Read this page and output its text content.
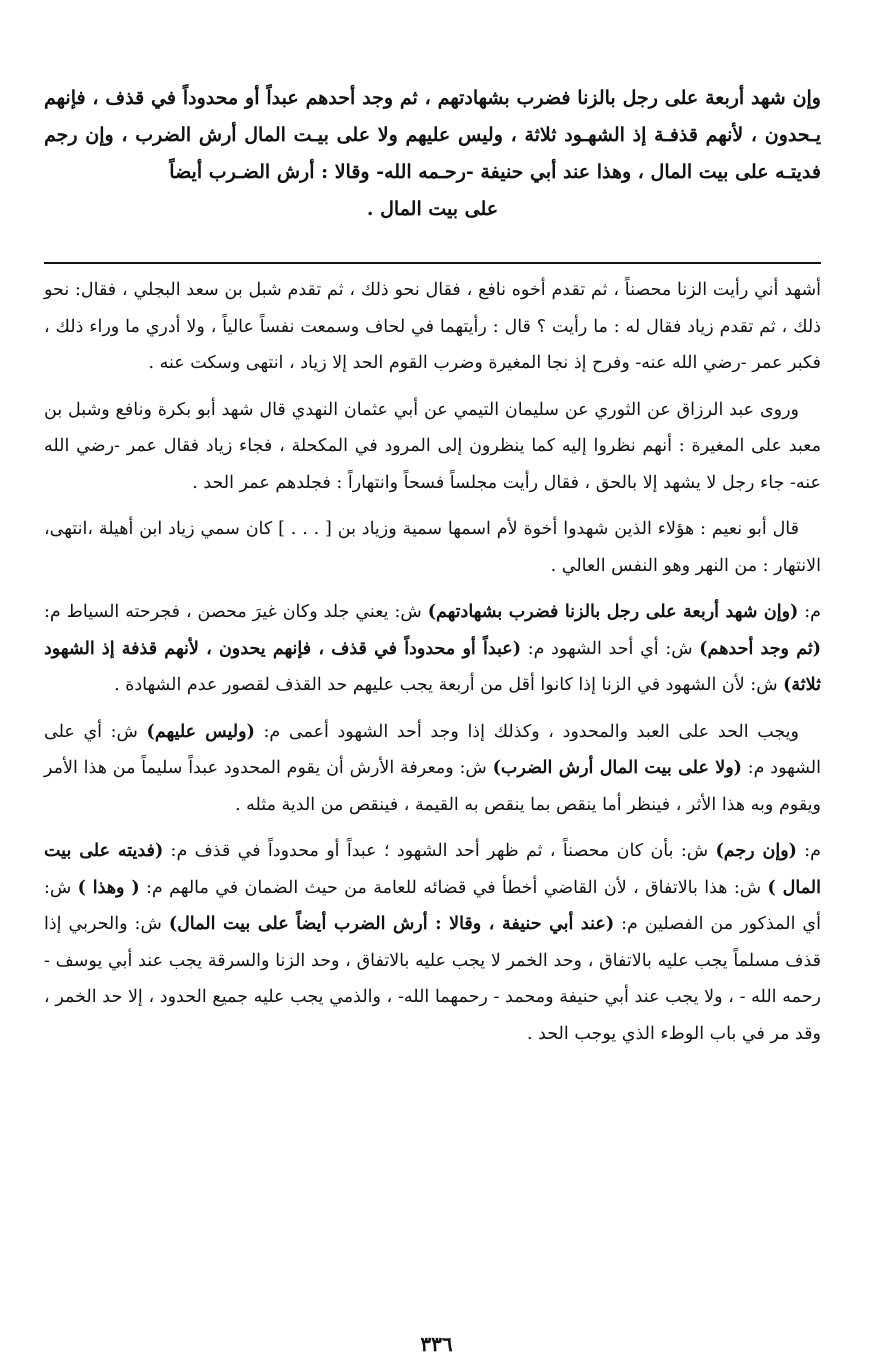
وإن شهد أربعة على رجل بالزنا فضرب بشهادتهم ، ثم وجد أحدهم عبداً أو محدوداً في قذف ، فإنهم يـحدون ، لأنهم قذفـة إذ الشهـود ثلاثة ، وليس عليهم ولا على بيـت المال أرش الضرب ، وإن رجم فديتـه على بيت المال ، وهذا عند أبي حنيفة -رحـمه الله- وقالا : أرش الضـرب أيضاً
على بيت المال .

أشهد أني رأيت الزنا محصناً ، ثم تقدم أخوه نافع ، فقال نحو ذلك ، ثم تقدم شبل بن سعد البجلي ، فقال: نحو ذلك ، ثم تقدم زياد فقال له : ما رأيت ؟ قال : رأيتهما في لحاف وسمعت نفساً عالياً ، ولا أدري ما وراء ذلك ، فكبر عمر -رضي الله عنه- وفرح إذ نجا المغيرة وضرب القوم الحد إلا زياد ، انتهى وسكت عنه .

وروى عبد الرزاق عن الثوري عن سليمان التيمي عن أبي عثمان النهدي قال شهد أبو بكرة ونافع وشبل بن معبد على المغيرة : أنهم نظروا إليه كما ينظرون إلى المرود في المكحلة ، فجاء زياد فقال عمر -رضي الله عنه- جاء رجل لا يشهد إلا بالحق ، فقال رأيت مجلساً فسحاً وانتهاراً : فجلدهم عمر الحد .

قال أبو نعيم : هؤلاء الذين شهدوا أخوة لأم اسمها سمية وزياد بن [ . . . ] كان سمي زياد ابن أهيلة ،انتهى، الانتهار : من النهر وهو النفس العالي .

م: (وإن شهد أربعة على رجل بالزنا فضرب بشهادتهم) ش: يعني جلد وكان غيرَ محصن ، فجرحته السياط م: (ثم وجد أحدهم) ش: أي أحد الشهود م: (عبداً أو محدوداً في قذف ، فإنهم يحدون ، لأنهم قذفة إذ الشهود ثلاثة) ش: لأن الشهود في الزنا إذا كانوا أقل من أربعة يجب عليهم حد القذف لقصور عدم الشهادة .

ويجب الحد على العبد والمحدود ، وكذلك إذا وجد أحد الشهود أعمى م: (وليس عليهم) ش: أي على الشهود م: (ولا على بيت المال أرش الضرب) ش: ومعرفة الأرش أن يقوم المحدود عبداً سليماً من هذا الأمر ويقوم وبه هذا الأثر ، فينظر أما ينقص بما ينقص به القيمة ، فينقص من الدية مثله .

م: (وإن رجم) ش: بأن كان محصناً ، ثم ظهر أحد الشهود ؛ عبداً أو محدوداً في قذف م: (فديته على بيت المال ) ش: هذا بالاتفاق ، لأن القاضي أخطأ في قضائه للعامة من حيث الضمان في مالهم م: ( وهذا ) ش: أي المذكور من الفصلين م: (عند أبي حنيفة ، وقالا : أرش الضرب أيضاً على بيت المال) ش: والحربي إذا قذف مسلماً يجب عليه بالاتفاق ، وحد الخمر لا يجب عليه بالاتفاق ، وحد الزنا والسرقة يجب عند أبي يوسف - رحمه الله - ، ولا يجب عند أبي حنيفة ومحمد - رحمهما الله- ، والذمي يجب عليه جميع الحدود ، إلا حد الخمر ، وقد مر في باب الوطء الذي يوجب الحد .

٣٣٦
